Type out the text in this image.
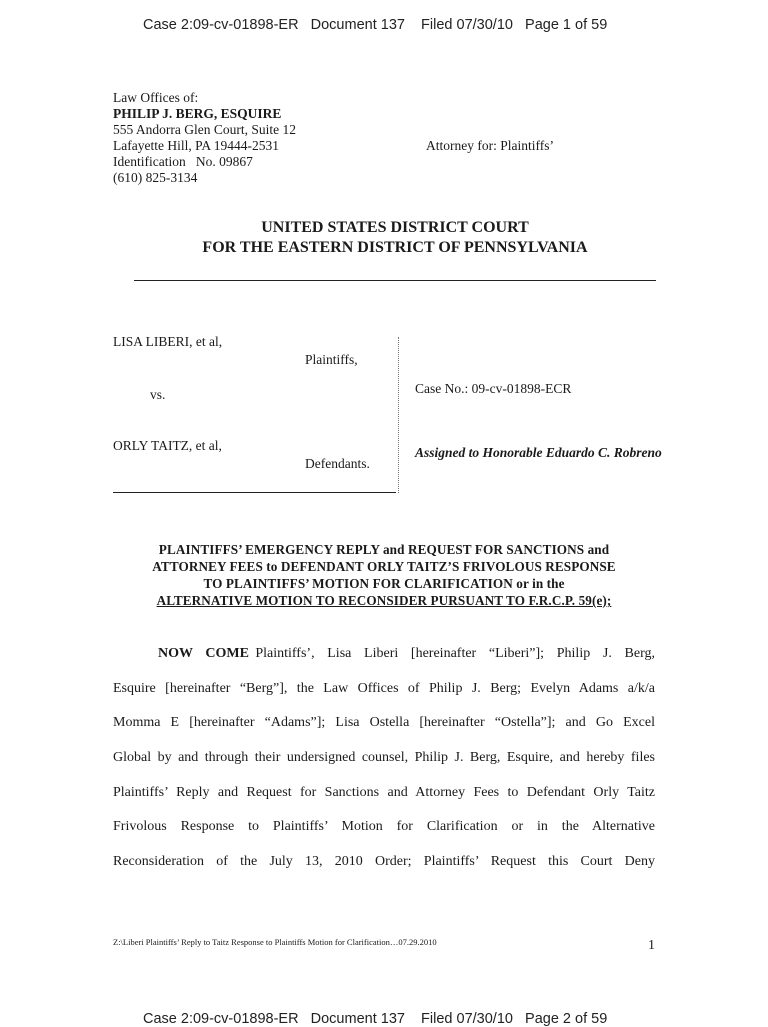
Case 2:09-cv-01898-ER   Document 137    Filed 07/30/10   Page 1 of 59
Law Offices of:
PHILIP J. BERG, ESQUIRE
555 Andorra Glen Court, Suite 12
Lafayette Hill, PA 19444-2531
Identification   No. 09867
(610) 825-3134
Attorney for: Plaintiffs’
UNITED STATES DISTRICT COURT
FOR THE EASTERN DISTRICT OF PENNSYLVANIA
LISA LIBERI, et al,
Plaintiffs,
vs.
ORLY TAITZ, et al,
Defendants.
Case No.: 09-cv-01898-ECR
Assigned to Honorable Eduardo C. Robreno
PLAINTIFFS’ EMERGENCY REPLY and REQUEST FOR SANCTIONS and
ATTORNEY FEES to DEFENDANT ORLY TAITZ’S FRIVOLOUS RESPONSE
TO PLAINTIFFS’ MOTION FOR CLARIFICATION or in the
ALTERNATIVE MOTION TO RECONSIDER PURSUANT TO F.R.C.P. 59(e);
NOW  COME Plaintiffs’,  Lisa  Liberi  [hereinafter  “Liberi”];  Philip  J.  Berg,
Esquire [hereinafter “Berg”], the Law Offices of Philip J. Berg; Evelyn Adams a/k/a
Momma E [hereinafter “Adams”]; Lisa Ostella [hereinafter “Ostella”]; and Go Excel
Global by and through their undersigned counsel, Philip J. Berg, Esquire, and hereby files
Plaintiffs’ Reply and Request for Sanctions and Attorney Fees to Defendant Orly Taitz
Frivolous Response to Plaintiffs’ Motion for Clarification or in the Alternative
Reconsideration of the July 13, 2010 Order; Plaintiffs’ Request this Court Deny
Z:\Liberi Plaintiffs’ Reply to Taitz Response to Plaintiffs Motion for Clarification…07.29.2010	1
Case 2:09-cv-01898-ER   Document 137    Filed 07/30/10   Page 2 of 59
